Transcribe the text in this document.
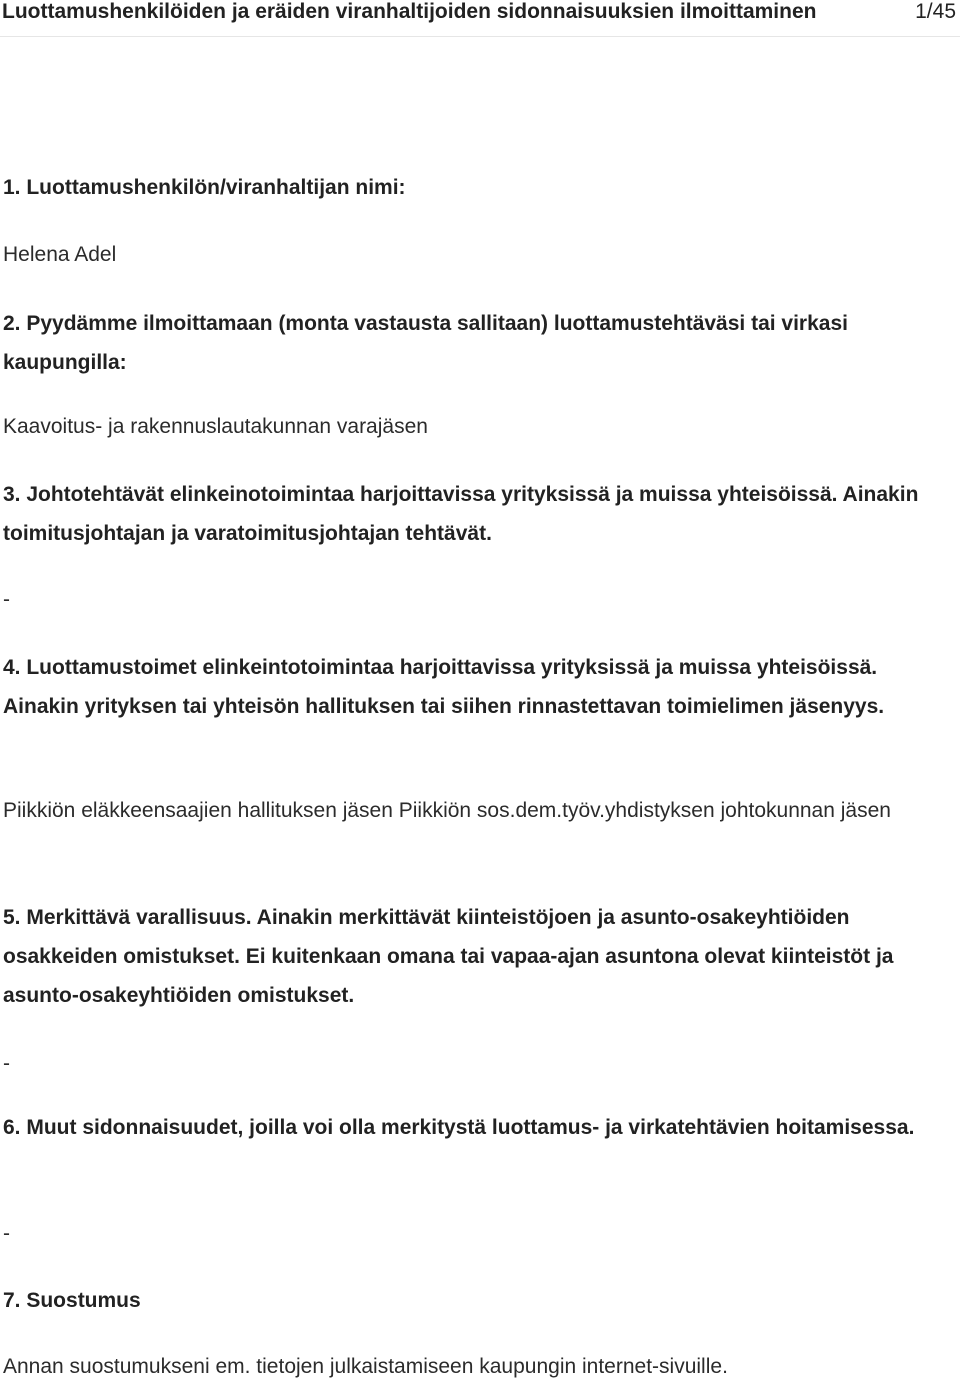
Luottamushenkilöiden ja eräiden viranhaltijoiden sidonnaisuuksien ilmoittaminen	1/45

1. Luottamushenkilön/viranhaltijan nimi:

Helena Adel

2. Pyydämme ilmoittamaan (monta vastausta sallitaan) luottamustehtäväsi tai virkasi kaupungilla:

Kaavoitus- ja rakennuslautakunnan varajäsen

3. Johtotehtävät elinkeinotoimintaa harjoittavissa yrityksissä ja muissa yhteisöissä. Ainakin toimitusjohtajan ja varatoimitusjohtajan tehtävät.

-

4. Luottamustoimet elinkeintotoimintaa harjoittavissa yrityksissä ja muissa yhteisöissä. Ainakin yrityksen tai yhteisön hallituksen tai siihen rinnastettavan toimielimen jäsenyys.

Piikkiön eläkkeensaajien hallituksen jäsen Piikkiön sos.dem.työv.yhdistyksen johtokunnan jäsen

5. Merkittävä varallisuus. Ainakin merkittävät kiinteistöjoen ja asunto-osakeyhtiöiden osakkeiden omistukset. Ei kuitenkaan omana tai vapaa-ajan asuntona olevat kiinteistöt ja asunto-osakeyhtiöiden omistukset.

-

6. Muut sidonnaisuudet, joilla voi olla merkitystä luottamus- ja virkatehtävien hoitamisessa.

-

7. Suostumus

Annan suostumukseni em. tietojen julkaistamiseen kaupungin internet-sivuille.
